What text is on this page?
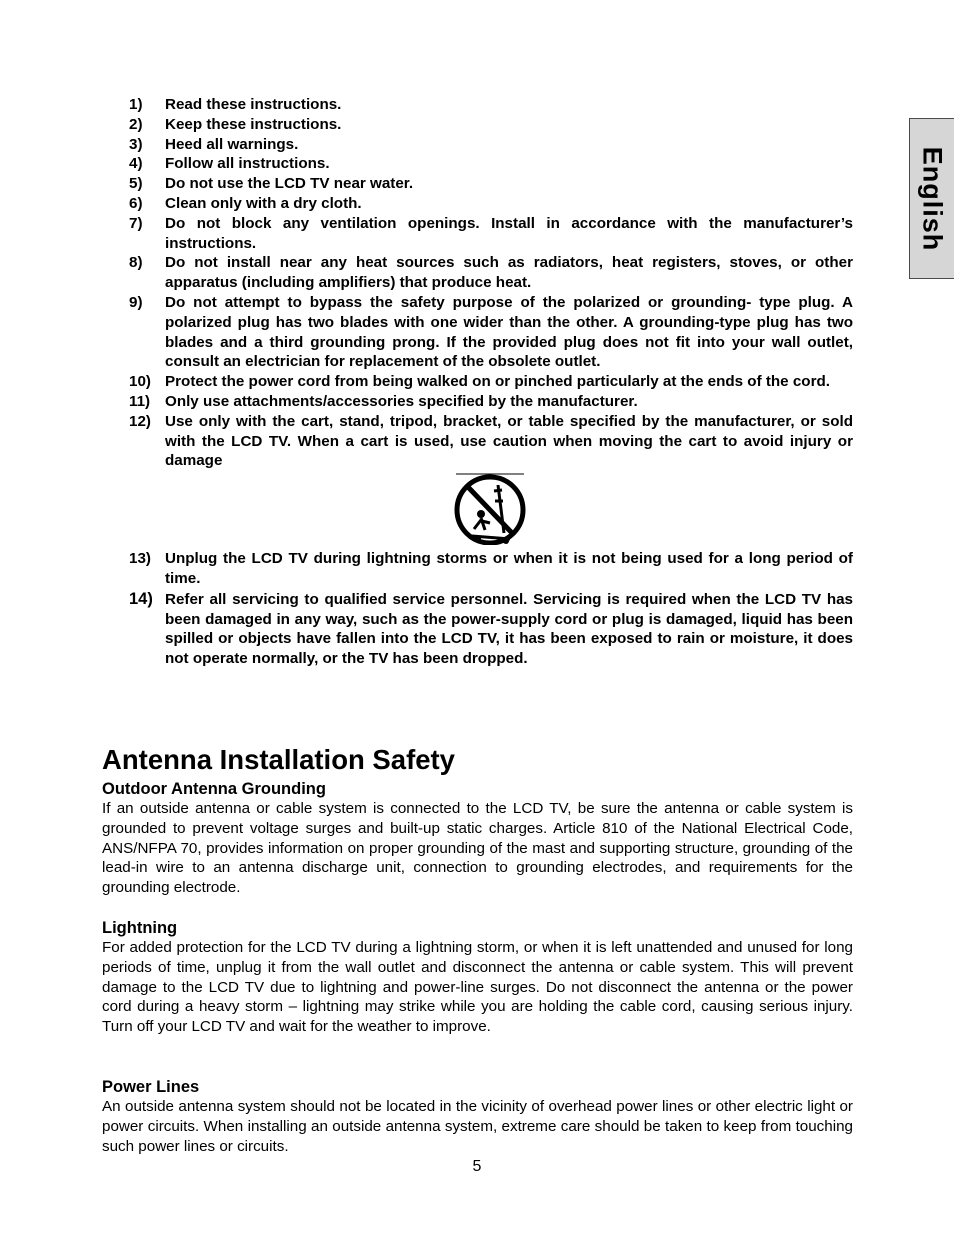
English
1)	Read these instructions.
2)	Keep these instructions.
3)	Heed all warnings.
4)	Follow all instructions.
5)	Do not use the LCD TV near water.
6)	Clean only with a dry cloth.
7)	Do not block any ventilation openings. Install in accordance with the manufacturer’s instructions.
8)	Do not install near any heat sources such as radiators, heat registers, stoves, or other apparatus (including amplifiers) that produce heat.
9)	Do not attempt to bypass the safety purpose of the polarized or grounding- type plug. A polarized plug has two blades with one wider than the other. A grounding-type plug has two blades and a third grounding prong. If the provided plug does not fit into your wall outlet, consult an electrician for replacement of the obsolete outlet.
10) Protect the power cord from being walked on or pinched particularly at the ends of the cord.
11) Only use attachments/accessories specified by the manufacturer.
12) Use only with the cart, stand, tripod, bracket, or table specified by the manufacturer, or sold with the LCD TV. When a cart is used, use caution when moving the cart to avoid injury or damage
13) Unplug the LCD TV during lightning storms or when it is not being used for a long period of time.
14) Refer all servicing to qualified service personnel. Servicing is required when the LCD TV has been damaged in any way, such as the power-supply cord or plug is damaged, liquid has been spilled or objects have fallen into the LCD TV, it has been exposed to rain or moisture, it does not operate normally, or the TV has been dropped.
Antenna Installation Safety
Outdoor Antenna Grounding

If an outside antenna or cable system is connected to the LCD TV, be sure the antenna or cable system is grounded to prevent voltage surges and built-up static charges. Article 810 of the National Electrical Code, ANS/NFPA 70, provides information on proper grounding of the mast and supporting structure, grounding of the lead-in wire to an antenna discharge unit, connection to grounding electrodes, and requirements for the grounding electrode.

Lightning

For added protection for the LCD TV during a lightning storm, or when it is left unattended and unused for long periods of time, unplug it from the wall outlet and disconnect the antenna or cable system. This will prevent damage to the LCD TV due to lightning and power-line surges. Do not disconnect the antenna or the power cord during a heavy storm – lightning may strike while you are holding the cable cord, causing serious injury. Turn off your LCD TV and wait for the weather to improve.

Power Lines

An outside antenna system should not be located in the vicinity of overhead power lines or other electric light or power circuits. When installing an outside antenna system, extreme care should be taken to keep from touching such power lines or circuits.

5
